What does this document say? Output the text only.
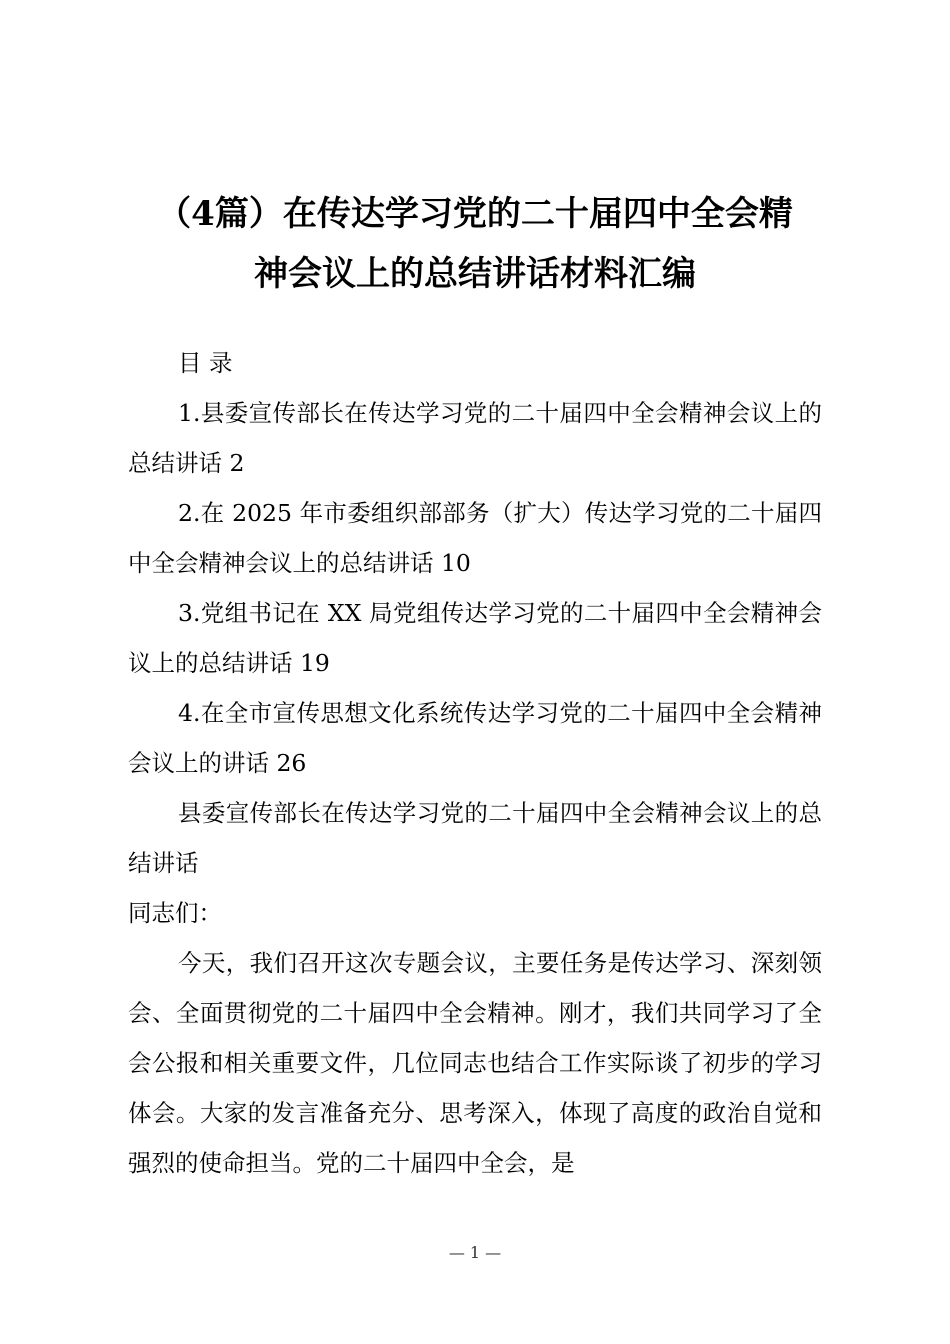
（4篇）在传达学习党的二十届四中全会精
神会议上的总结讲话材料汇编

目 录

1.县委宣传部长在传达学习党的二十届四中全会精神会议上的总结讲话 2

2.在 2025 年市委组织部部务（扩大）传达学习党的二十届四中全会精神会议上的总结讲话 10

3.党组书记在 XX 局党组传达学习党的二十届四中全会精神会议上的总结讲话 19

4.在全市宣传思想文化系统传达学习党的二十届四中全会精神会议上的讲话 26

县委宣传部长在传达学习党的二十届四中全会精神会议上的总结讲话

同志们：

今天，我们召开这次专题会议，主要任务是传达学习、深刻领会、全面贯彻党的二十届四中全会精神。刚才，我们共同学习了全会公报和相关重要文件，几位同志也结合工作实际谈了初步的学习体会。大家的发言准备充分、思考深入，体现了高度的政治自觉和强烈的使命担当。党的二十届四中全会，是

— 1 —
